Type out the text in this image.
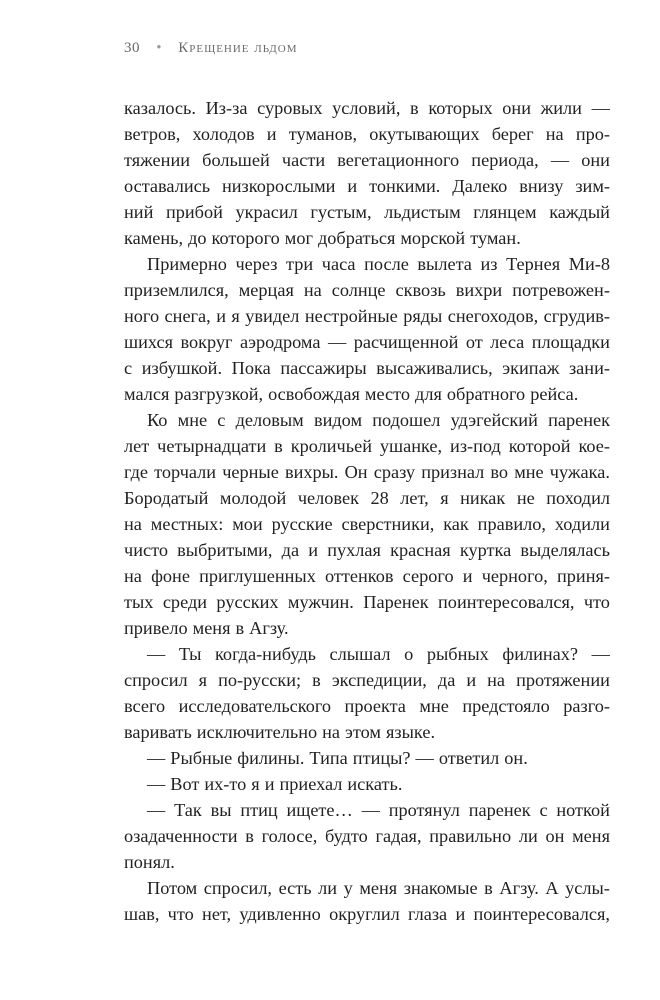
30 • Крещение льдом
казалось. Из-за суровых условий, в которых они жили —
ветров, холодов и туманов, окутывающих берег на про-
тяжении большей части вегетационного периода, — они
оставались низкорослыми и тонкими. Далеко внизу зим-
ний прибой украсил густым, льдистым глянцем каждый
камень, до которого мог добраться морской туман.
Примерно через три часа после вылета из Тернея Ми-8
приземлился, мерцая на солнце сквозь вихри потревожен-
ного снега, и я увидел нестройные ряды снегоходов, сгрудив-
шихся вокруг аэродрома — расчищенной от леса площадки
с избушкой. Пока пассажиры высаживались, экипаж зани-
мался разгрузкой, освобождая место для обратного рейса.
Ко мне с деловым видом подошел удэгейский паренек
лет четырнадцати в кроличьей ушанке, из-под которой кое-
где торчали черные вихры. Он сразу признал во мне чужака.
Бородатый молодой человек 28 лет, я никак не походил
на местных: мои русские сверстники, как правило, ходили
чисто выбритыми, да и пухлая красная куртка выделялась
на фоне приглушенных оттенков серого и черного, приня-
тых среди русских мужчин. Паренек поинтересовался, что
привело меня в Агзу.
— Ты когда-нибудь слышал о рыбных филинах? —
спросил я по-русски; в экспедиции, да и на протяжении
всего исследовательского проекта мне предстояло разго-
варивать исключительно на этом языке.
— Рыбные филины. Типа птицы? — ответил он.
— Вот их-то я и приехал искать.
— Так вы птиц ищете… — протянул паренек с ноткой
озадаченности в голосе, будто гадая, правильно ли он меня
понял.
Потом спросил, есть ли у меня знакомые в Агзу. А услы-
шав, что нет, удивленно округлил глаза и поинтересовался,
